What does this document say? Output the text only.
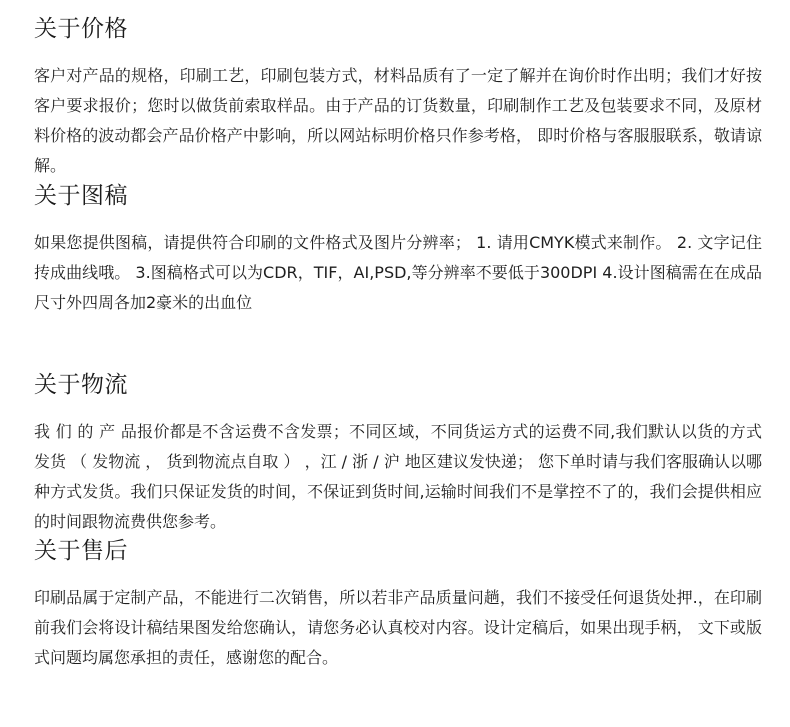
关于价格

客户对产品的规格，印刷工艺，印刷包装方式，材料品质有了一定了解并在询价时作出明；我们才好按客户要求报价；您时以做货前索取样品。由于产品的订货数量，印刷制作工艺及包装要求不同，及原材料价格的波动都会产品价格产中影响，所以网站标明价格只作参考格， 即时价格与客服服联系，敬请谅解。

关于图稿

如果您提供图稿，请提供符合印刷的文件格式及图片分辨率； 1. 请用CMYK模式来制作。 2. 文字记住抟成曲线哦。 3.图稿格式可以为CDR，TIF，AI,PSD,等分辨率不要低于300DPI 4.设计图稿需在在成品尺寸外四周各加2豪米的出血位

关于物流

我 们 的 产 品报价都是不含运费不含发票；不同区域，不同货运方式的运费不同,我们默认以货的方式发货 （ 发物流 ， 货到物流点自取 ） ，江 / 浙 / 沪 地区建议发快递； 您下单时请与我们客服确认以哪种方式发货。我们只保证发货的时间，不保证到货时间,运输时间我们不是掌控不了的，我们会提供相应的时间跟物流费供您参考。

关于售后

印刷品属于定制产品，不能进行二次销售，所以若非产品质量问趟，我们不接受任何退货处押.，在印刷前我们会将设计稿结果图发给您确认，请您务必认真校对内容。设计定稿后，如果出现手柄， 文下或版式问题均属您承担的责任，感谢您的配合。
